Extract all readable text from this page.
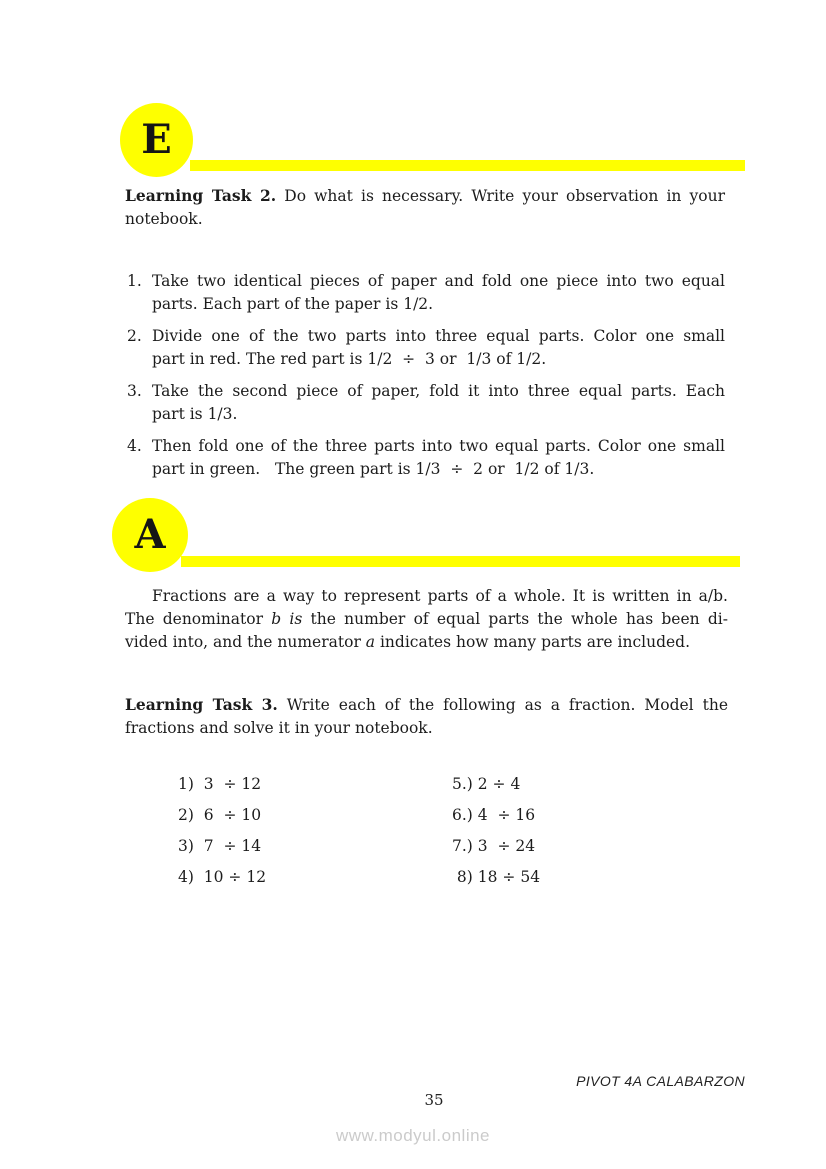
E
Learning Task 2. Do what is necessary. Write your observation in your
notebook.
1. Take two identical pieces of paper and fold one piece into two equal
parts. Each part of the paper is 1/2.
2. Divide one of the two parts into three equal parts. Color one small
part in red. The red part is 1/2  ÷  3 or  1/3 of 1/2.
3. Take the second piece of paper, fold it into three equal parts. Each
part is 1/3.
4. Then fold one of the three parts into two equal parts. Color one small
part in green.   The green part is 1/3  ÷  2 or  1/2 of 1/3.
A
Fractions are a way to represent parts of a whole. It is written in a/b.
The denominator b is the number of equal parts the whole has been di-
vided into, and the numerator a indicates how many parts are included.
Learning Task 3. Write each of the following as a fraction. Model the
fractions and solve it in your notebook.
1)  3  ÷ 12	5.) 2 ÷ 4
2)  6  ÷ 10	6.) 4  ÷ 16
3)  7  ÷ 14	7.) 3  ÷ 24
4)  10 ÷ 12	8) 18 ÷ 54
PIVOT 4A CALABARZON
35
www.modyul.online
